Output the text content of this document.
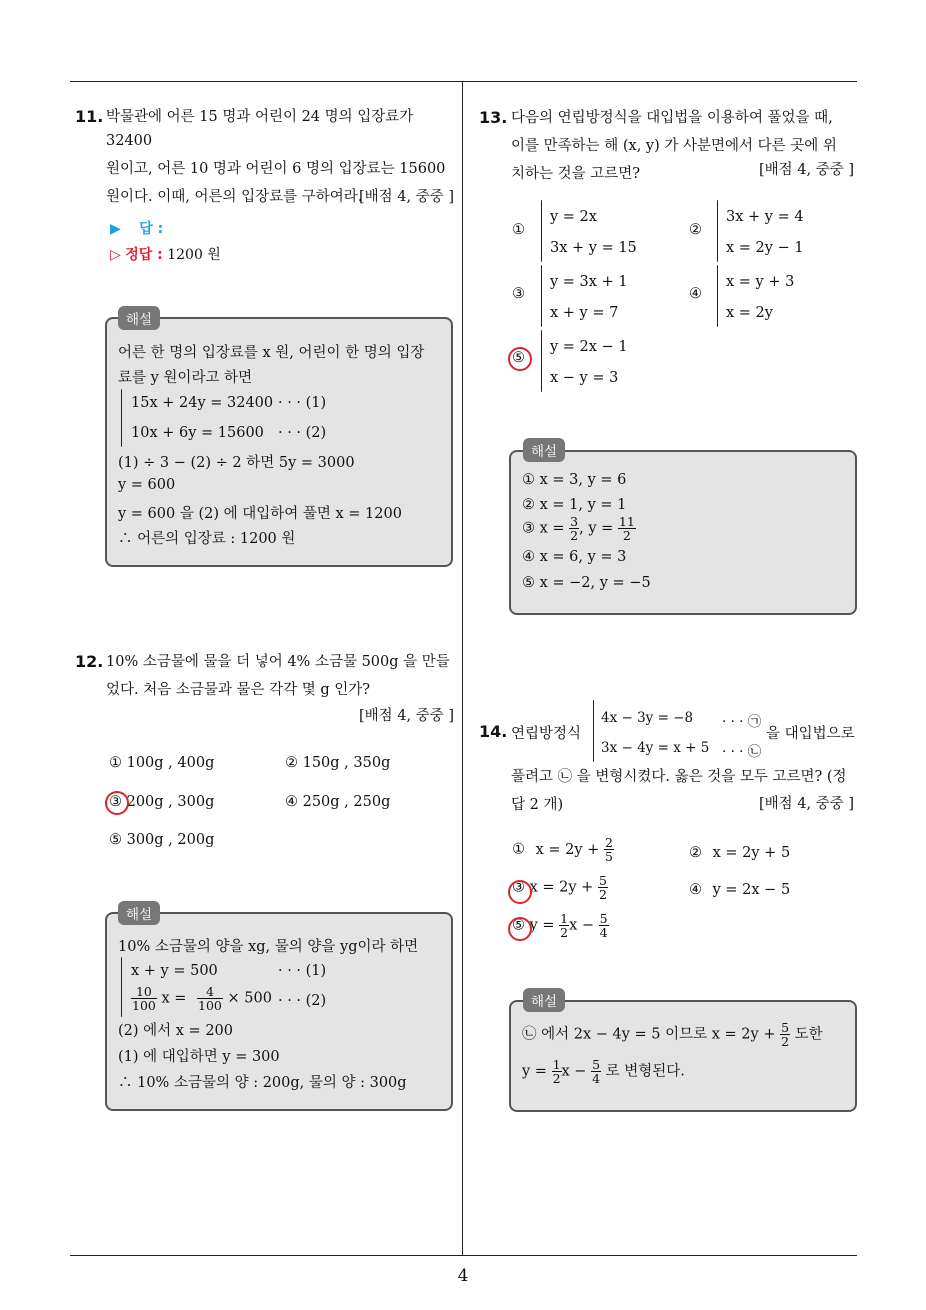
4
11. 박물관에 어른 15 명과 어린이 24 명의 입장료가 32400
원이고, 어른 10 명과 어린이 6 명의 입장료는 15600
원이다. 이때, 어른의 입장료를 구하여라.
[배점 4, 중중 ]
▶ 답 :
▷ 정답 : 1200 원
해설
어른 한 명의 입장료를 x 원, 어린이 한 명의 입장
료를 y 원이라고 하면
15x + 24y = 32400 · · · (1)
10x + 6y = 15600 · · · (2)
(1) ÷ 3 − (2) ÷ 2 하면 5y = 3000
y = 600
y = 600 을 (2) 에 대입하여 풀면 x = 1200
∴ 어른의 입장료 : 1200 원
12. 10% 소금물에 물을 더 넣어 4% 소금물 500g 을 만들
었다. 처음 소금물과 물은 각각 몇 g 인가?
[배점 4, 중중 ]
① 100g , 400g	② 150g , 350g
③ 200g , 300g	④ 250g , 250g
⑤ 300g , 200g
해설
10% 소금물의 양을 xg, 물의 양을 yg이라 하면
x + y = 500	· · · (1)
$\frac{10}{100}$ $x = \frac{4}{100} \times 500$ · · · (2)
(2) 에서 x = 200
(1) 에 대입하면 y = 300
∴ 10% 소금물의 양 : 200g, 물의 양 : 300g
13. 다음의 연립방정식을 대입법을 이용하여 풀었을 때,
이를 만족하는 해 (x, y) 가 사분면에서 다른 곳에 위
치하는 것을 고르면?	[배점 4, 중중 ]
①
y = 2x
3x + y = 15
②
3x + y = 4
x = 2y − 1
③
y = 3x + 1
x + y = 7
④
x = y + 3
x = 2y
⑤
y = 2x − 1
x − y = 3
해설
① x = 3, y = 6
② x = 1, y = 1
③ $x = \frac{3}{2}$ , $y = \frac{11}{2}$
④ x = 6, y = 3
⑤ x = −2, y = −5
14. 연립방정식
4x − 3y = −8 · · · ㉠
3x − 4y = x + 5 · · · ㉡
을 대입법으로
풀려고 ㉡ 을 변형시켰다. 옳은 것을 모두 고르면? (정
답 2 개)	[배점 4, 중중 ]
① $x = 2y + \frac{2}{5}$	② x = 2y + 5
③ $x = 2y + \frac{5}{2}$	④ y = 2x − 5
⑤ $y = \frac{1}{2}$ $x - \frac{5}{4}$
해설
㉡ 에서 2x − 4y = 5 이므로 $x = 2y + \frac{5}{2}$ 도한
$y = \frac{1}{2}$ $x - \frac{5}{4}$ 로 변형된다.
